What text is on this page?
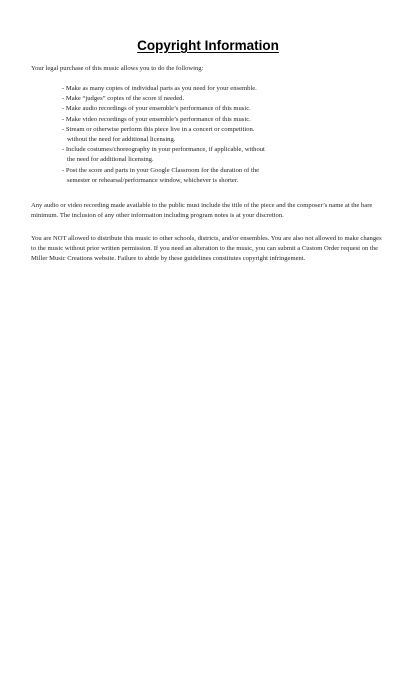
Copyright Information

Your legal purchase of this music allows you to do the following:

- Make as many copies of individual parts as you need for your ensemble.
- Make “judges” copies of the score if needed.
- Make audio recordings of your ensemble’s performance of this music.
- Make video recordings of your ensemble’s performance of this music.
- Stream or otherwise perform this piece live in a concert or competition.
without the need for additional licensing.
- Include costumes/choreography in your performance, if applicable, without
the need for additional licensing.
- Post the score and parts in your Google Classroom for the duration of the
semester or rehearsal/performance window, whichever is shorter.

Any audio or video recording made available to the public must include the title of the piece and the composer’s name at the bare minimum. The inclusion of any other information including program notes is at your discretion.

You are NOT allowed to distribute this music to other schools, districts, and/or ensembles. You are also not allowed to make changes to the music without prior written permission. If you need an alteration to the music, you can submit a Custom Order request on the Miller Music Creations website. Failure to abide by these guidelines constitutes copyright infringement.
